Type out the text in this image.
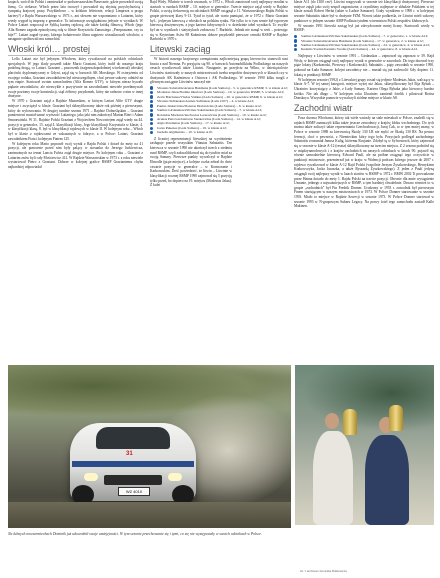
krajach, wrócił do Polski i zamieszkał w podwarszawskim Piasecznie, gdzie prowadził swoją firmę. Co ciekawe, Włoch przez lata tworzył i prowadził się zbytnią przychylnością i sympatią krajowej prasy. Przykładowo – w krótkim felietonie, relacji Limpreza u progu kariery?) z Rajdu Warszawskiego w 1973 r., ani słowem nie wspomniano o Lattarim, który wtedy wygrał tę imprezę z generalce. To informacje uwzględniono jedynie w wynikach. W Polsce Lattari rozpoczął ze Syliką karierę rajdową, ale także krótką filmową. Włoch (jego Alfa Romeo zagrała epizodyczną rolę w filmie Krzysztofa Zanussiego „Przepraszam, czy tu bije?”. Lattari zagrał tyczny, którego bohaterowie filmu najpierw wizualizowali włochów, a następnie spróbowali mu samochód.

Włoski król… prostej

Lello Lattari nie był jedynym Włochem, który rywalizował na polskich odcinkach specjalnych. W jego ślady poszedł także Mario Graziani, który trafił do naszego kraju podobną drogą, co Lattari. Graziani – pracownik (najprawdopodobniej wicekonsul) włoskiej placówki dyplomatycznej w Gdyni, zajął się w barwach AK Morskiego. W ostrzyżeniu od swojego rodaka, Graziani zawodnikiem był nieszczególnym, choć pewne sukcesy odniósł na tym etapie. Startował swoim samochodem (Alfa Romeo GTV), w którym nieraz bywało pięknie zawodników, ale niezwykłe z pozytywnie na zawodnikami niewiele przełamywali swoje poziomy swoje konstrukcji, stąd żółtowy przydomek, który nie radzono o nim w innej drużynie.

W 1970 r. Graziani zajął z Rajdzie Mazurskim, w którym Lattari Alfie GTV drugie miejsce i zwyciężył w klasie. Graziani był skłasyfikowany także rok później z pierwszymi, który do wylosowania. W drugiej rundzie sezonu 1971 – Rajdzie Dolnośląskim – Graziani pomieniowi musiał uznać wyższość Lattariego, jako jaki nim zakończył Marian Bieri i Adam Smorawiński. W 31. Rajdzie Polski Graziani z Wojciechem Nowowiejem zajął wtedy na 44. pozycji w generalce, 15. zajął 4. klasyfikacji klasy, Jego klasyfikacji Krzysztofa w klasie, 4. w klasyfikacji klasę, 8. był w klasyfikacji rajdowych w klasie II. W kolejnym roku – Włoch był w klasie z rajdowcami ze wskazanych w fabryce, a w Polsce: Lattari, Graziani zawodnikiem Fiata i kolejnym Fiatem 125.

W kolejnym roku Mario poprawił swój wynik z Rajdu Polski i dotarł do mety na 41 pozycji, ale ponownie przed nim były palący w stosunku do Jerzego Jurkiewicza, zanimożnych na temat Lancia Fulvia zajął drugie miejsce. Po kolejnym roku – Graziani z Lattarim znów byli cały Mościewicz 412. W Rajdzie Warszawskim w 1973 r. z roku niewiele wystartował Pietro z Graziani. Dobrze w kolejnej grafice RSMP Grazianiemu chyba najbardziej odpowiadał

Rajd Wisły. Właśnie w trzech sezonach, w 1972 r., Włoch zanotował swój najlepszy rezultat w startach w rundach RSMP – 10. miejsce w generalce. Trzecie miejsce zajął wtedy w Rajdzie Polski, a swoją frekwencję na odcinkach RSMP osiągnął z 11. Warszawskiego Rajdu Polski w grupie pierwszej klasy 9-13. Tytuł to tytuł, ale warto pamiętać, że w 1972 r. Mario Graziani był... jedynym kierowcą z włoskich na polskim rynku. Nie tylko to w tym sensie był typowym kierowcą drużynowym, a jego kariera fabrycznych i w dziedzinie tabel wynikach. To zwykle był on w wynikach i statystykach zwłaszcza 7. Barbórki. Jednak nie stanął w serii – pożerając się w Kryterium Asów 88 Kaźmierzu dobrze przydzielił pierwsze cenniki RSMP w Rajdzie Barbórki w 1970 r.

Litewski zaciąg

W historii naszego krajowego czempionatu najliczniejszą grupę kierowców stanowili nasi bracia z nad Niemna. Po przyjęciu się 90. w barwach Automobilklubu Podlaskiego na naszych oesach rywalizowali także Litwini. Następnie, po przejściu na Wilno, w dziesięciolecie Litwinów startowały w naszych mistrzostwach trzeba zespołów drużynowych w klasach czy w drużynach AK Kaźmierzu z Ostrowa i AK Podlaskiego. W sezonie 1990 kilku mogli z głównym zaciągnie Litwinów nauczył nie:

Vitautas Sabataitis/Arunas Bukmans (Łada Samara) – 5. w generalce RSMP, 3. w klasie A12;
Modestas Jakas/Nadina Okulova (Łada Samara) – 19. w generalce RSMP, 5. w klasie A12;
Zevis Balciunas/Vladas Vaitkus (Łada Samara) – 20. w generalce RSMP, 6. w klasie A12;
Vitautas Sidlauskas/Arunas Sufinskas (Łada 2107) – 4. w klasie A12;
Paulus Jankavicius/Donatas Drabavicius (Łada Samara) – 6. w klasie A12;
Saulius Girdauskas/Zilvinas Sakalauskas (Łada Samara) – 7. w klasie A12;
Rolandas Mackavicius/Juozas Leonavicius (Łada Samara) – 10. w klasie A12;
Arunas Petrovas/Gintaras Staskevicius (Łada Samara) – 14. w klasie A12;
Algis Poteliunas (Łada Samara) – 17. w klasie A12;
Jozus Pukenas (Łada Samara) – 19. w klasie A12;
Gudelis Algimantas – 10. w klasie A10.

Z liczniej reprezentancji litewskiej na wyróżnienie zasługuje przede wszystkim Vitautas Sabataitis. Ten kierowca w sezonie 1990 nie ukończył trzech z siedmiu rund RSMP, czyli zakwalifikował się do tytułów miał za swoją Samary. Pierwsze punkty wywalczył w Rajdzie Elmodle (piąte miejsce), a kolejne oczka zebrał do dwie czwarte pozycje w generalce – w Kormoranie i Karkonoskim. Dość powiedzieć, że litwin – Litwinie w klasyfikacji rocznej RSMP 1990 zajmował się 5 pozycję tylko przed, bo dopiero na 19. miejscu (Modestas Jakas). Z kolei

klasie A11 (do 1300 cm³). Litwini rozgrywali w sezonie też klasyfikacji drużynowej. Pierwsze miejsce zajęli jako swój zespół zagraniczne, a czyniliśmy najlepsze w składzie Polakiem w tej klasie zostali Robert Herba (także w Ładzie Samarze). Grały wynikiem w 1990 r. w kolejnym sezonie Sabataitis także był w drużynie FZM. Wzrost także podkreśla, że Litwini mieli sukcesy punktowe w jednym sezonie AMP Podlasia tytułem wicemistrza Polski zespołów klubowych.

W sezonie 1991 litewski zaciąg był już zdecydowanie mniej liczny. Startowali wtedy w RSMP:

Saulius Girdauskas/Zilvinas Sakalauskas (Łada Samara) – 7. w generalce, 1. w klasie A12;
Vitautas Sabataitis/Arunas Bukmans (Łada Samara) – 17. w generalce, 2. w klasie A12;
Saulius Girdauskas/Zilvinas Sakalauskas (Łada Samara) – 24. w generalce, 4. w klasie A12;
Kestutis Svedas/Kestutis Svedas (Łada Samara) – 44. w generalce, 8. w klasie A12.

Najlepszy z Litwinów w sezonie 1991 – Girdauskas – zajmował się zaprasza w 39. Rajd Wisły, w którym osiągnął swój najlepszy wynik w generalce w zawodach. Do tego dorzucił trzy piąte lokaty (Karkonoski, Pierwszy i Karkonoski). Sabataitis – piąty zawodnik w sezonie 1990, pokonał na Łada Samarze, kolejni zawodnicy nie – musiał się już zadowolić Gdy dopiero 11. lokatą w punktacji RSMP.

W kolejnym sezonie (1992) z Litewskiej grupy został się jedynie Modestas Jakas, walczący w klasie A-7. W tej samej kategorii, miejsce wyżej niż Jakas, sklasyfikowany był Ilija Rybak – Ukrainiec korzystający z Jakie, z Łady Samary. Kariera Olega Rybaka jako kierowcy bardzo krótko. Nie tak długo – W kolejnym roku Ukrainiec zamienił fotelik i pilotował Borisa Donskoya. Wszystkie panowie wywalczyli siódme miejsce w klasie A8.

Zachodni wiatr

Poza dwoma Włochami, którzy tak wiele wniosły na stale mieszkali w Polsce, znaleźli się w rajdach RSMP zaznaczyli kilka także jeszcze zawodnicy z krajów bloku wschodniego. Do tych można także zaliczyć także reprezentanta Czechosłowacji, Juraj Čak, to w tym mniej znany, w Polsce w sezonie 1988 za kierownicą Škody 130 LR nie mylić ze Škodą 130 RS. Na pewno ferencji, choć o pewności, z Niemieckim który tego była. Pozycjach podlegał zachodniego Sabataitis zrozumiał Janusz Kulig, któremu Rosjanie. Zdobył tę w Sylwestrach, który zajmował się w sezonie w klasie A-12 (reszta) sklasyfikowany na trzecim miejscu. Z 2 sezonu podniósł się w międzynarodowych i z krajów zachodnich na naszych odcinkach w latach 90. pojawił się równie samodzielnie kierowcę Edward Paulí, ale na próbne osiągnąć tego oczywiście w punktacji mistrzowie, przemierzał już w kraju: w Walencji podczas którego jeszcze do 2007 r. rajdowo rywalizował w klasie A-12 Rajd Polski (wspólnie Jerzym Żyszkowskiego, Henrykiem Krakowczyka, Jacka Juraszka, a także Ryszardą Żyszkowskiego). Z jeden z Paulí jedyną osiągnęli swój najlepszy wynik w latach startów w RSMP w 1972 r. BMW 2002 Ti prowadzone przez Hanna dotarło do mety 1. Rajdu Polski na trzecie pozycji. Obecnie dla mnie wystąpienie Uznanie, jednego z najważniejszych w RSMP, a tym bardziej chwalebnie. Dawno również to w grupie „zachodnich” był Fin Fredrik Donner. Urodzony w 1953 r. zawodnik był pierwszym Finem startującym w naszym mistrzostwach w 1973. W Polsce Donner startowanie w sezonie 1993. Miało to miejsce w Rajdzie Szwecji w sezonie 1973. W Polsce Donner startował w sezonie 1993 w N-grupowym Subaru Legacy. Na prawy fotel tego samochodu zasiadł Kalle Makinen.

WZ 4010
31
Na lubnych nowszemiechach Dominik już udowodnił swoje umiejętności. W tym sezonie przechowanie się i tymi, co się nie występowały w swoich odcinkach w Polsce.
fot. z archiwum Dominika Butkiewicza
